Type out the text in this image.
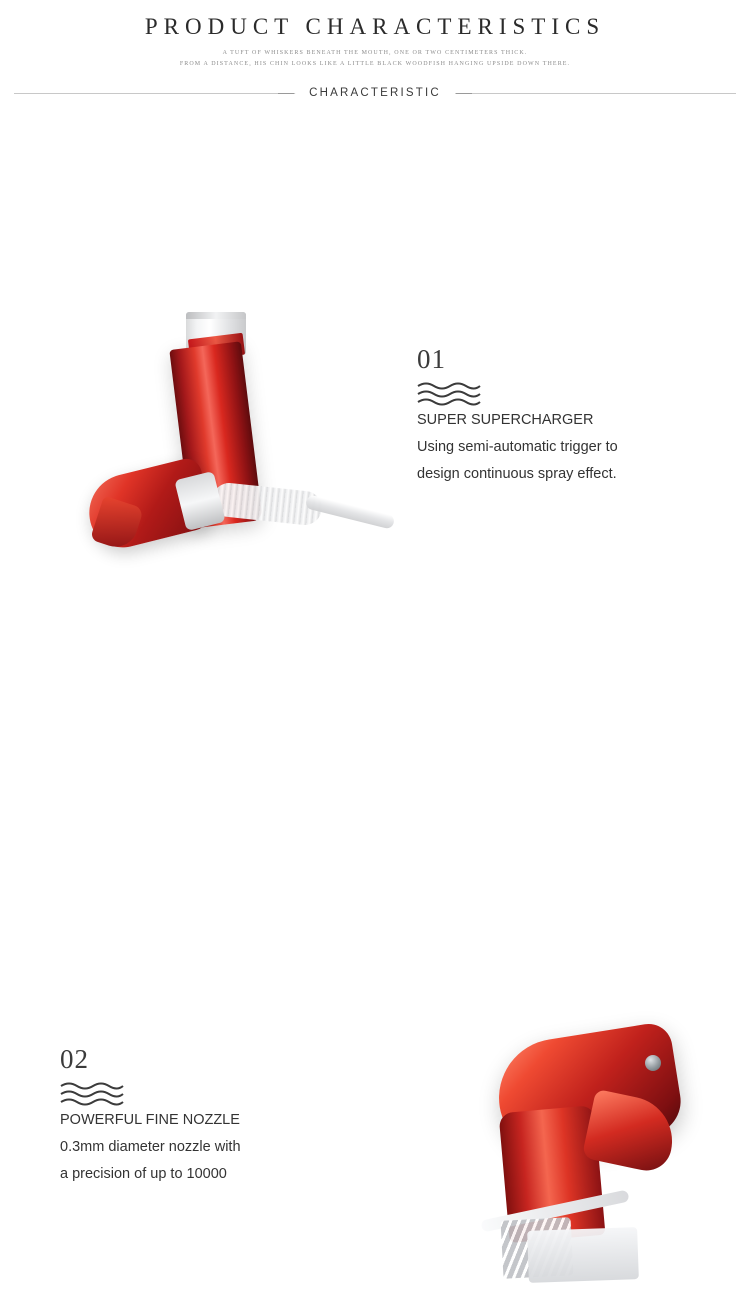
PRODUCT CHARACTERISTICS
A TUFT OF WHISKERS BENEATH THE MOUTH, ONE OR TWO CENTIMETERS THICK.
FROM A DISTANCE, HIS CHIN LOOKS LIKE A LITTLE BLACK WOODFISH HANGING UPSIDE DOWN THERE.
CHARACTERISTIC
01
SUPER SUPERCHARGER
Using semi-automatic trigger to
design continuous spray effect.
02
POWERFUL FINE NOZZLE
0.3mm diameter nozzle with
a precision of up to 10000
